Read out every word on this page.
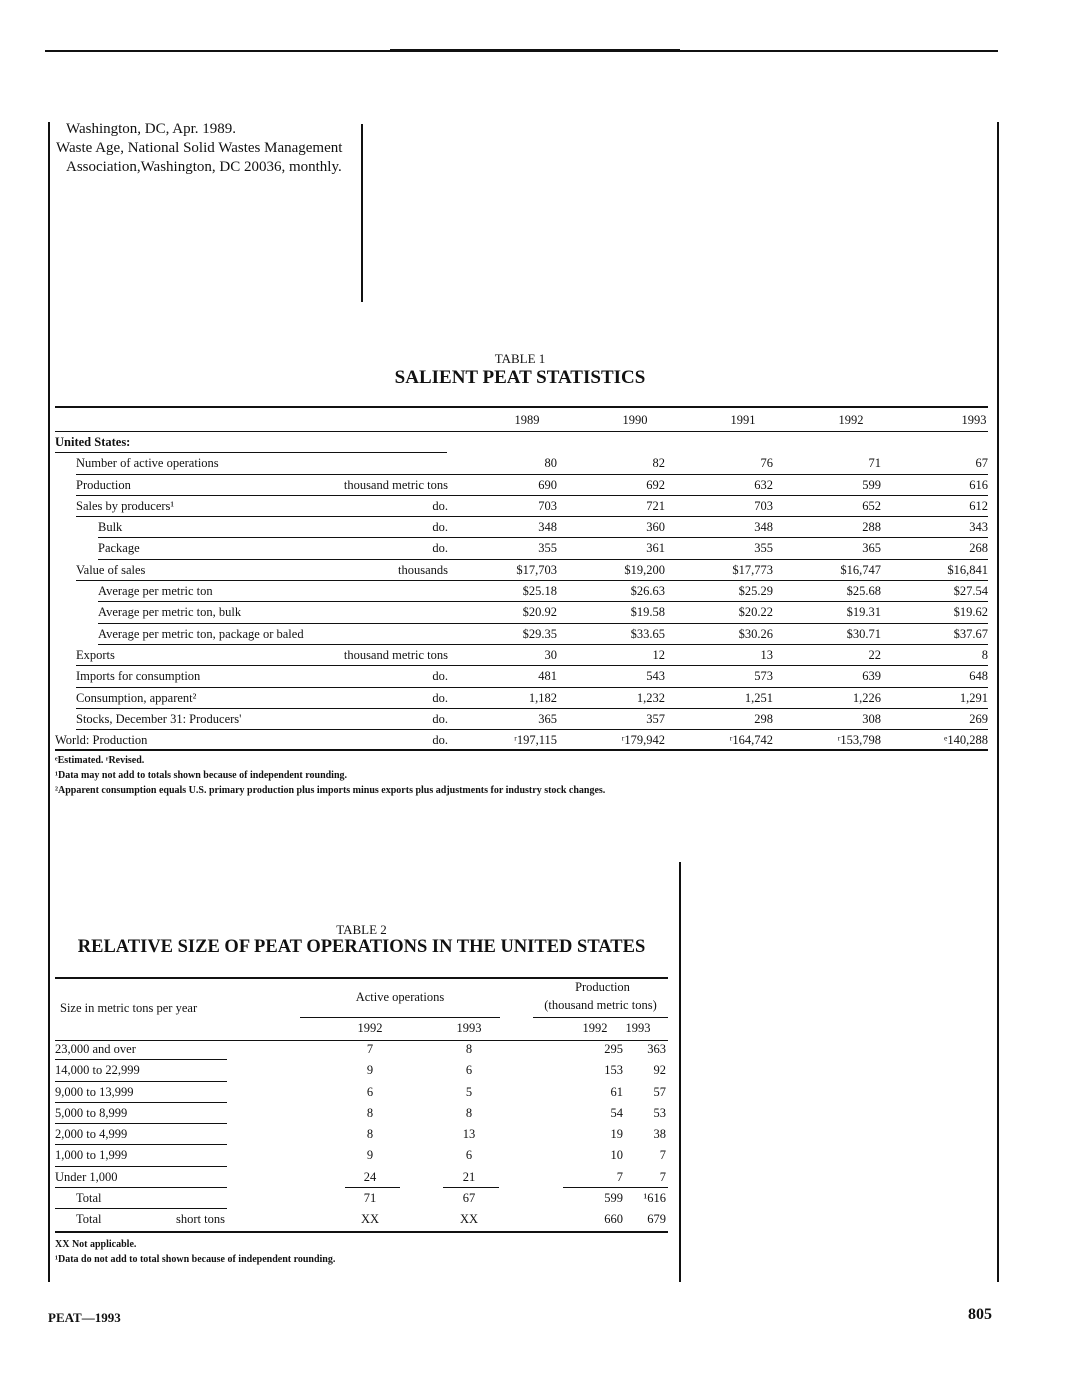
Washington, DC, Apr. 1989.
Waste Age, National Solid Wastes Management Association,Washington, DC 20036, monthly.
TABLE 1
SALIENT PEAT STATISTICS
1989	1990	1991	1992	1993
United States:
Number of active operations	80	82	76	71	67
Production	thousand metric tons	690	692	632	599	616
Sales by producers¹	do.	703	721	703	652	612
Bulk	do.	348	360	348	288	343
Package	do.	355	361	355	365	268
Value of sales	thousands	$17,703	$19,200	$17,773	$16,747	$16,841
Average per metric ton	$25.18	$26.63	$25.29	$25.68	$27.54
Average per metric ton, bulk	$20.92	$19.58	$20.22	$19.31	$19.62
Average per metric ton, package or baled	$29.35	$33.65	$30.26	$30.71	$37.67
Exports	thousand metric tons	30	12	13	22	8
Imports for consumption	do.	481	543	573	639	648
Consumption, apparent²	do.	1,182	1,232	1,251	1,226	1,291
Stocks, December 31: Producers'	do.	365	357	298	308	269
World: Production	do.	ʳ197,115	ʳ179,942	ʳ164,742	ʳ153,798	ᵉ140,288
ᵉEstimated. ʳRevised.
¹Data may not add to totals shown because of independent rounding.
²Apparent consumption equals U.S. primary production plus imports minus exports plus adjustments for industry stock changes.
TABLE 2
RELATIVE SIZE OF PEAT OPERATIONS IN THE UNITED STATES
Size in metric tons per year
Active operations
Production
(thousand metric tons)
1992	1993	1992	1993
23,000 and over	7	8	295	363
14,000 to 22,999	9	6	153	92
9,000 to 13,999	6	5	61	57
5,000 to 8,999	8	8	54	53
2,000 to 4,999	8	13	19	38
1,000 to 1,999	9	6	10	7
Under 1,000	24	21	7	7
Total	71	67	599	¹616
Total	short tons	XX	XX	660	679
XX Not applicable.
¹Data do not add to total shown because of independent rounding.
PEAT—1993	805
